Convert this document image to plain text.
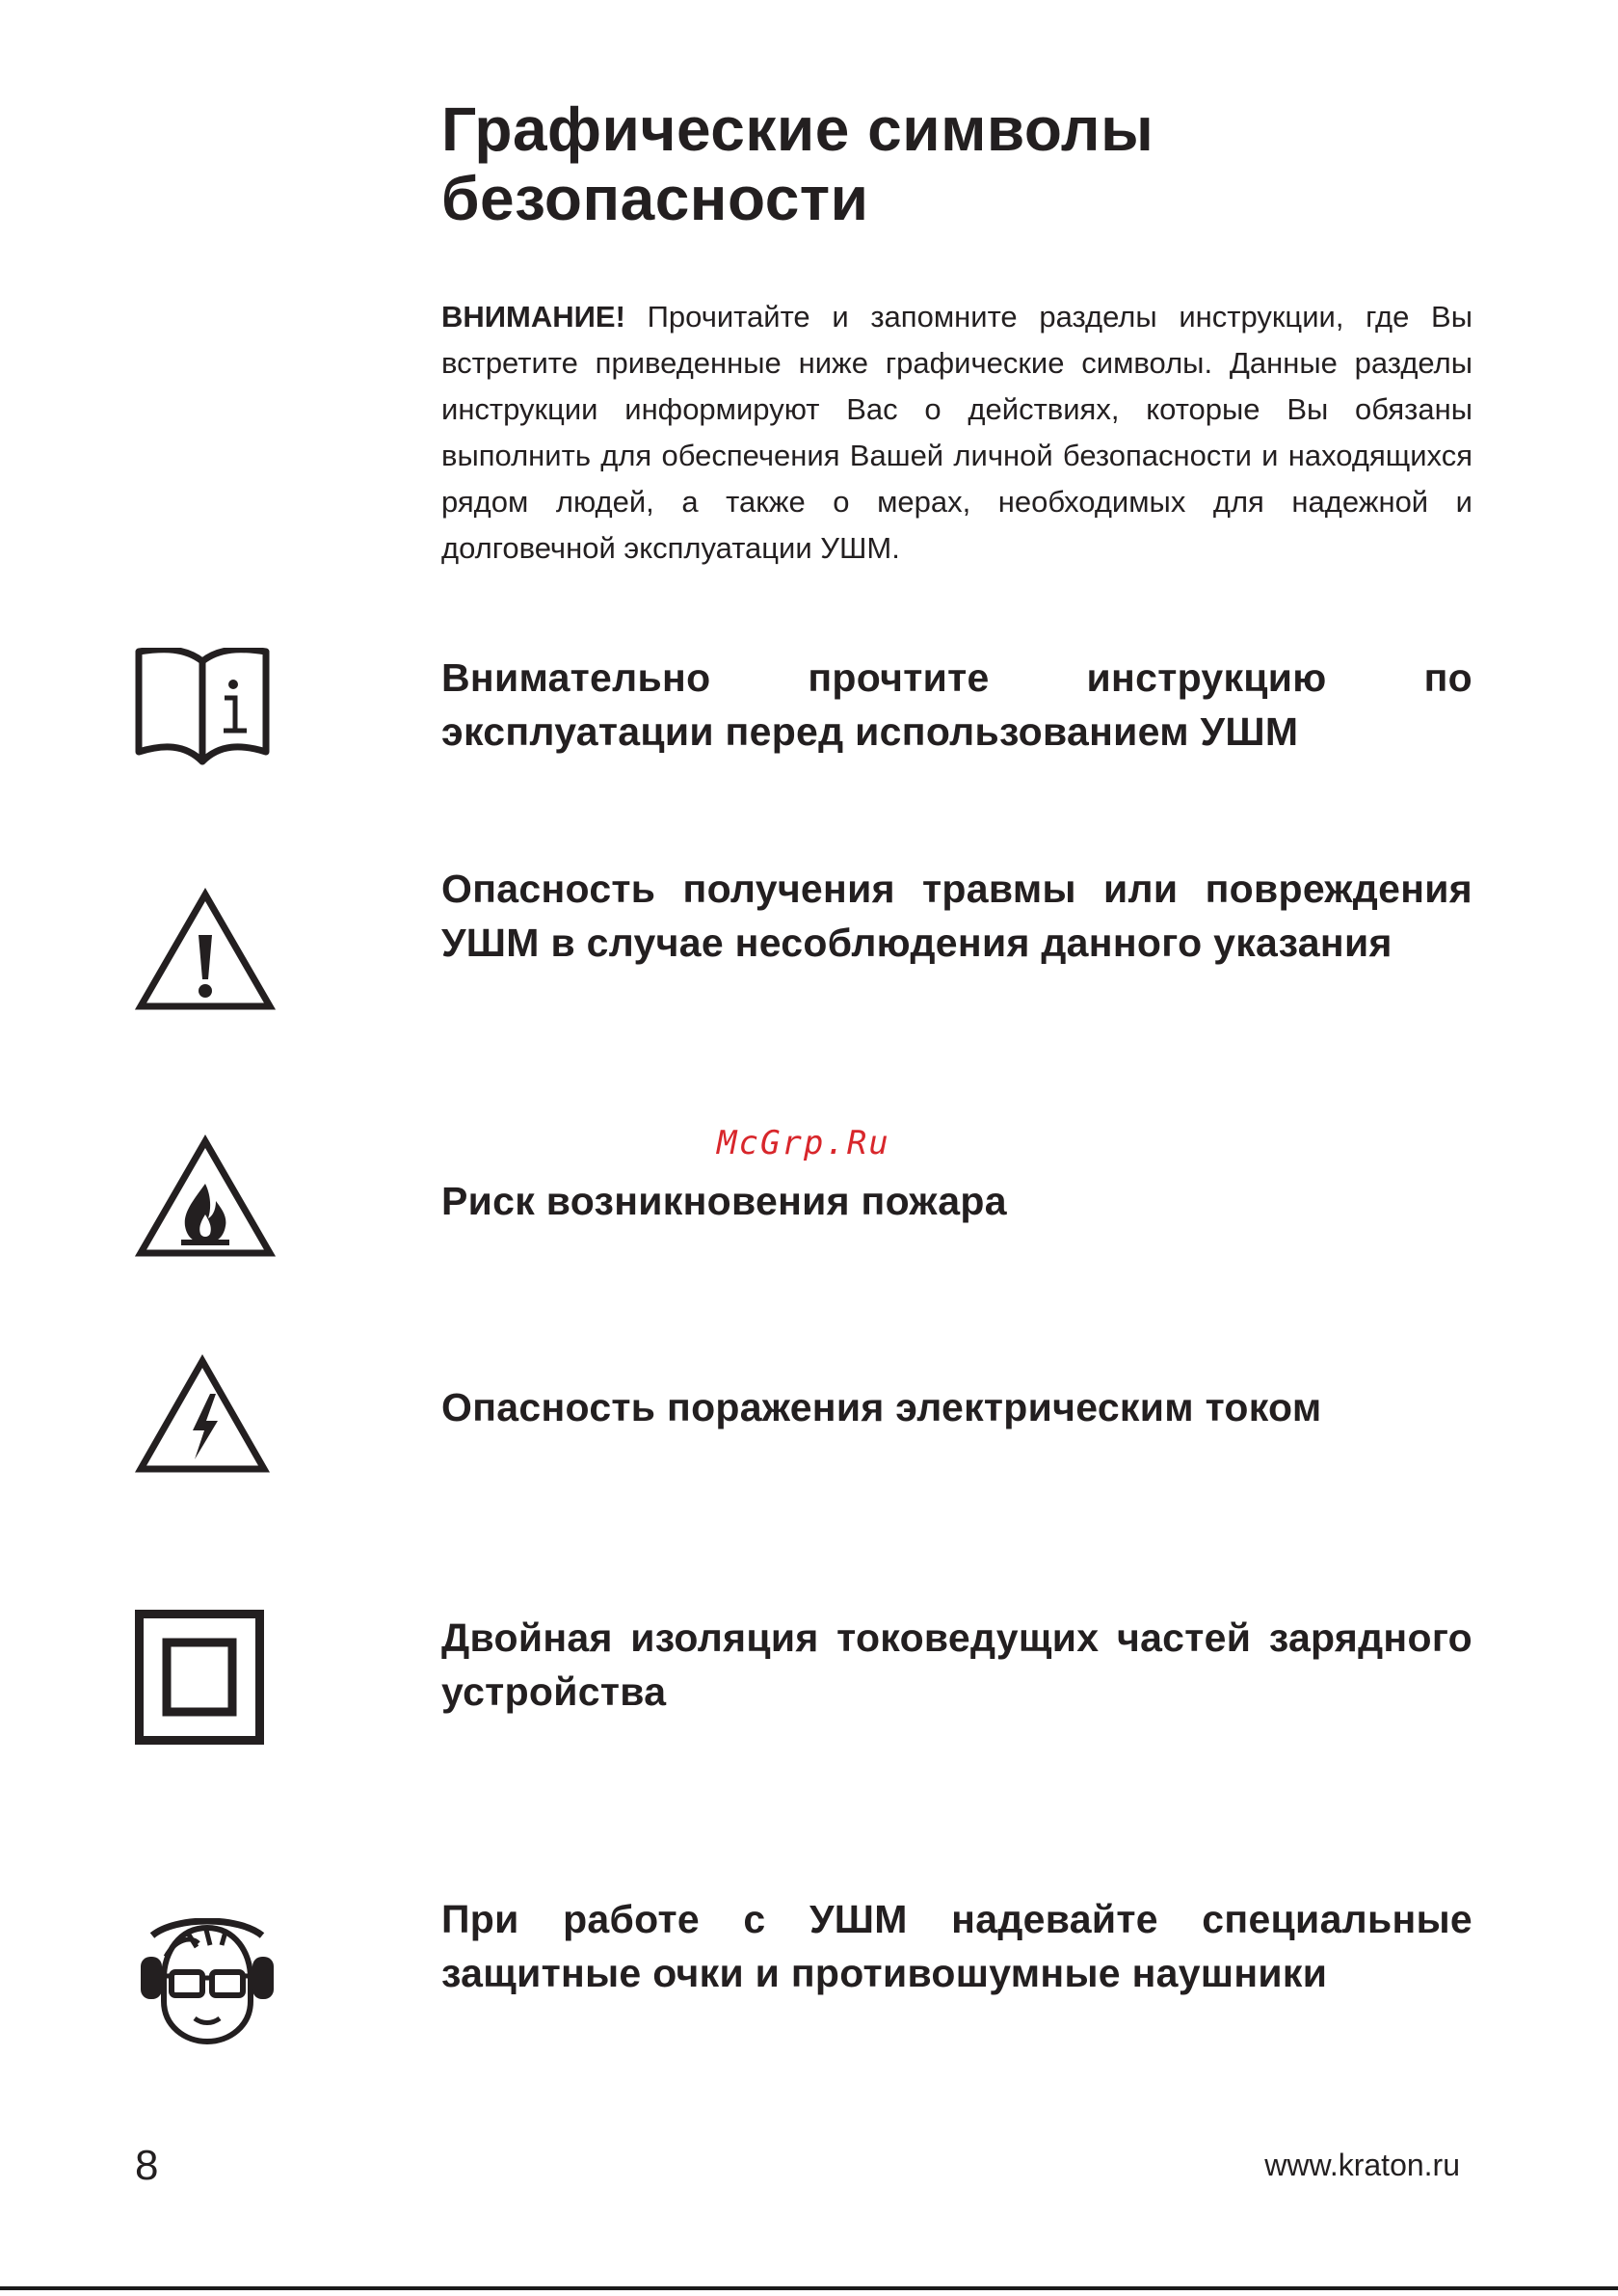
Графические символы безопасности

ВНИМАНИЕ! Прочитайте и запомните разделы инструкции, где Вы встретите приведенные ниже графические символы. Данные разделы инструкции информируют Вас о действиях, которые Вы обязаны выполнить для обеспечения Вашей личной безопасности и находящихся рядом людей, а также о мерах, необходимых для надежной и долговечной эксплуатации УШМ.

Внимательно прочтите инструкцию по эксплуатации перед использованием УШМ

Опасность получения травмы или повреждения УШМ в случае несоблюдения данного указания

Риск возникновения пожара

Опасность поражения электрическим током

Двойная изоляция токоведущих частей зарядного устройства

При работе с УШМ надевайте специальные защитные очки и противошумные наушники

McGrp.Ru
8	www.kraton.ru
